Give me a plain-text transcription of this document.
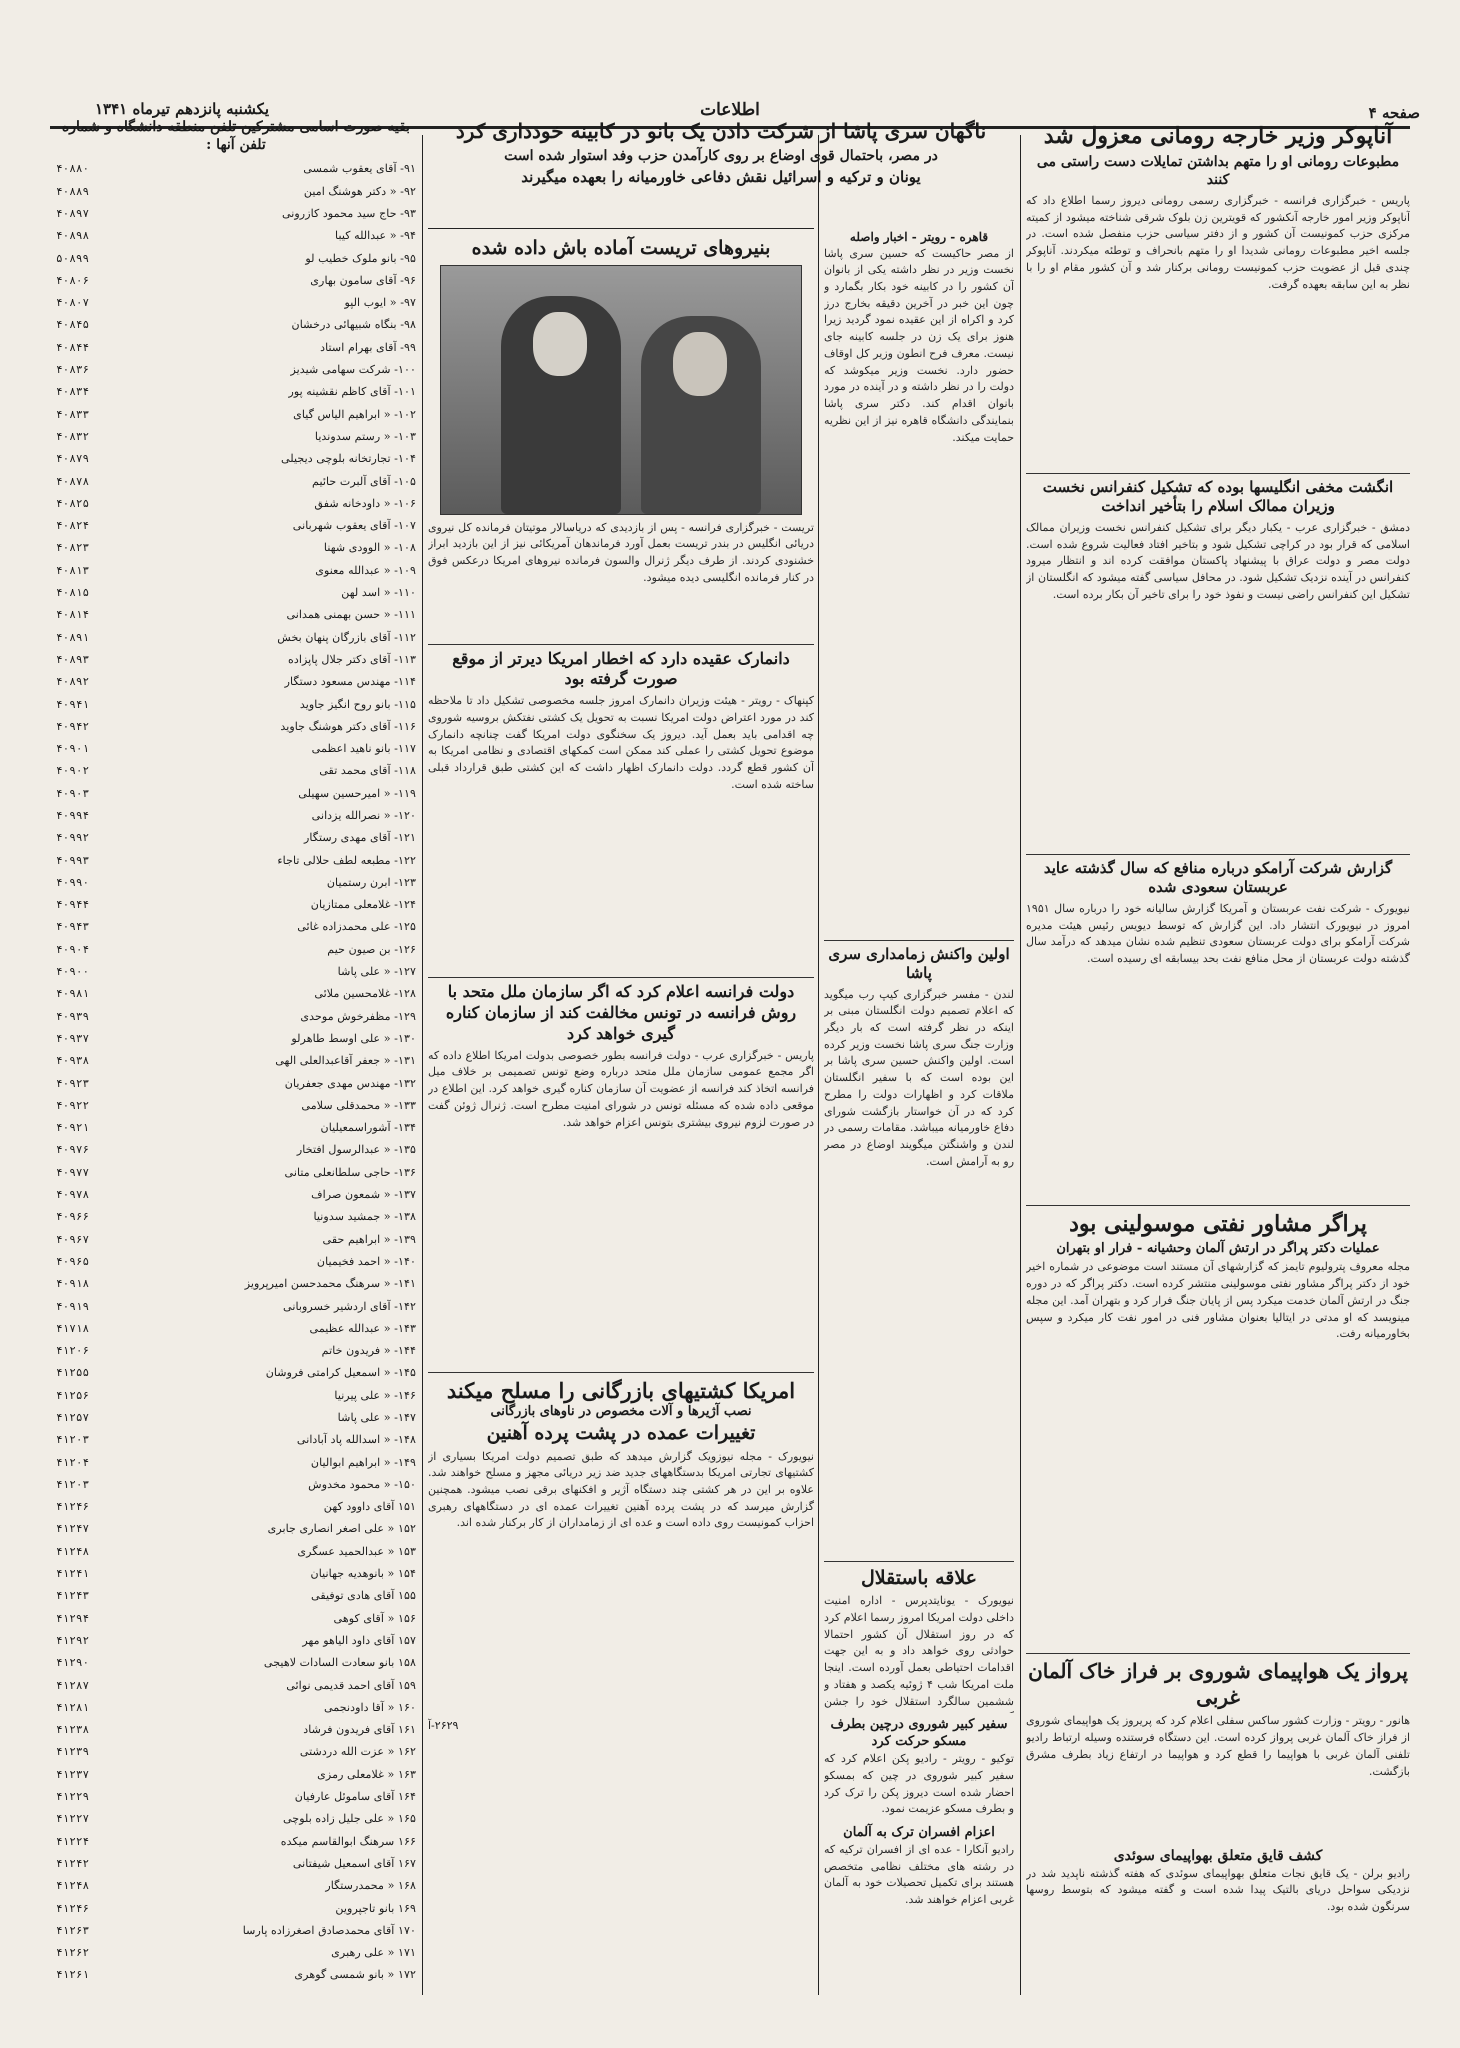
صفحه ۴
اطلاعات
یکشنبه پانزدهم تیرماه ۱۳۴۱
آناپوکر وزیر خارجه رومانی معزول شد
مطبوعات رومانی او را متهم بداشتن تمایلات دست راستی می کنند
پاریس - خبرگزاری فرانسه - خبرگزاری رسمی رومانی دیروز رسما اطلاع داد که آناپوکر وزیر امور خارجه آنکشور که قویترین زن بلوک شرقی شناخته میشود از کمیته مرکزی حزب کمونیست آن کشور و از دفتر سیاسی حزب منفصل شده است. در جلسه اخیر مطبوعات رومانی شدیدا او را متهم بانحراف و توطئه میکردند. آناپوکر چندی قبل از عضویت حزب کمونیست رومانی برکنار شد و آن کشور مقام او را با نظر به این سابقه بعهده گرفت.
انگشت مخفی انگلیسها بوده که تشکیل کنفرانس نخست وزیران ممالک اسلام را بتأخیر انداخت
دمشق - خبرگزاری عرب - یکبار دیگر برای تشکیل کنفرانس نخست وزیران ممالک اسلامی که قرار بود در کراچی تشکیل شود و بتاخیر افتاد فعالیت شروع شده است. دولت مصر و دولت عراق با پیشنهاد پاکستان موافقت کرده اند و انتظار میرود کنفرانس در آینده نزدیک تشکیل شود. در محافل سیاسی گفته میشود که انگلستان از تشکیل این کنفرانس راضی نیست و نفوذ خود را برای تاخیر آن بکار برده است.
گزارش شرکت آرامکو درباره منافع که سال گذشته عاید عربستان سعودی شده
نیویورک - شرکت نفت عربستان و آمریکا گزارش سالیانه خود را درباره سال ۱۹۵۱ امروز در نیویورک انتشار داد. این گزارش که توسط دیویس رئیس هیئت مدیره شرکت آرامکو برای دولت عربستان سعودی تنظیم شده نشان میدهد که درآمد سال گذشته دولت عربستان از محل منافع نفت بحد بیسابقه ای رسیده است.
پراگر مشاور نفتی موسولینی بود
عملیات دکتر پراگر در ارتش آلمان وحشیانه - فرار او بتهران
مجله معروف پترولیوم تایمز که گزارشهای آن مستند است موضوعی در شماره اخیر خود از دکتر پراگر مشاور نفتی موسولینی منتشر کرده است. دکتر پراگر که در دوره جنگ در ارتش آلمان خدمت میکرد پس از پایان جنگ فرار کرد و بتهران آمد. این مجله مینویسد که او مدتی در ایتالیا بعنوان مشاور فنی در امور نفت کار میکرد و سپس بخاورمیانه رفت.
پرواز یک هواپیمای شوروی بر فراز خاک آلمان غربی
هانور - رویتر - وزارت کشور ساکس سفلی اعلام کرد که پریروز یک هواپیمای شوروی از فراز خاک آلمان غربی پرواز کرده است. این دستگاه فرستنده وسیله ارتباط رادیو تلفنی آلمان غربی با هواپیما را قطع کرد و هواپیما در ارتفاع زیاد بطرف مشرق بازگشت.
کشف قایق متعلق بهواپیمای سوئدی
رادیو برلن - یک قایق نجات متعلق بهواپیمای سوئدی که هفته گذشته ناپدید شد در نزدیکی سواحل دریای بالتیک پیدا شده است و گفته میشود که بتوسط روسها سرنگون شده بود.
ناگهان سری پاشا از شرکت دادن یک بانو در کابینه خودداری کرد
در مصر، باحتمال قوی اوضاع بر روی کارآمدن حزب وفد استوار شده است
یونان و ترکیه و اسرائیل نقش دفاعی خاورمیانه را بعهده میگیرند
قاهره - رویتر - اخبار واصله
از مصر حاکیست که حسین سری پاشا نخست وزیر در نظر داشته یکی از بانوان آن کشور را در کابینه خود بکار بگمارد و چون این خبر در آخرین دقیقه بخارج درز کرد و اکراه از این عقیده نمود گردید زیرا هنوز برای یک زن در جلسه کابینه جای نیست. معرف فرح انطون وزیر کل اوقاف حضور دارد. نخست وزیر میکوشد که دولت را در نظر داشته و در آینده در مورد بانوان اقدام کند. دکتر سری پاشا بنمایندگی دانشگاه قاهره نیز از این نظریه حمایت میکند.
اولین واکنش زمامداری سری پاشا
لندن - مفسر خبرگزاری کیپ رب میگوید که اعلام تصمیم دولت انگلستان مبنی بر اینکه در نظر گرفته است که بار دیگر وزارت جنگ سری پاشا نخست وزیر کرده است. اولین واکنش حسین سری پاشا بر این بوده است که با سفیر انگلستان ملاقات کرد و اظهارات دولت را مطرح کرد که در آن خواستار بازگشت شورای دفاع خاورمیانه میباشد. مقامات رسمی در لندن و واشنگتن میگویند اوضاع در مصر رو به آرامش است.
علاقه باستقلال
نیویورک - یونایتدپرس - اداره امنیت داخلی دولت امریکا امروز رسما اعلام کرد که در روز استقلال آن کشور احتمالا حوادثی روی خواهد داد و به این جهت اقدامات احتیاطی بعمل آورده است. اینجا ملت امریکا شب ۴ ژوئیه یکصد و هفتاد و ششمین سالگرد استقلال خود را جشن
سفیر کبیر شوروی درچین بطرف مسکو حرکت کرد
توکیو - رویتر - رادیو پکن اعلام کرد که سفیر کبیر شوروی در چین که بمسکو احضار شده است دیروز پکن را ترک کرد و بطرف مسکو عزیمت نمود.
اعزام افسران ترک به آلمان
رادیو آنکارا - عده ای از افسران ترکیه که در رشته های مختلف نظامی متخصص هستند برای تکمیل تحصیلات خود به آلمان غربی اعزام خواهند شد.
بنیروهای تریست آماده باش داده شده
تریست - خبرگزاری فرانسه - پس از بازدیدی که دریاسالار موتیتان فرمانده کل نیروی دریائی انگلیس در بندر تریست بعمل آورد فرماندهان آمریکائی نیز از این بازدید ابراز خشنودی کردند. از طرف دیگر ژنرال والسون فرمانده نیروهای امریکا درعکس فوق در کنار فرمانده انگلیسی دیده میشود.
دانمارک عقیده دارد که اخطار امریکا دیرتر از موقع صورت گرفته بود
کپنهاک - رویتر - هیئت وزیران دانمارک امروز جلسه مخصوصی تشکیل داد تا ملاحظه کند در مورد اعتراض دولت امریکا نسبت به تحویل یک کشتی نفتکش بروسیه شوروی چه اقدامی باید بعمل آید. دیروز یک سخنگوی دولت امریکا گفت چنانچه دانمارک موضوع تحویل کشتی را عملی کند ممکن است کمکهای اقتصادی و نظامی امریکا به آن کشور قطع گردد. دولت دانمارک اظهار داشت که این کشتی طبق قرارداد قبلی ساخته شده است.
دولت فرانسه اعلام کرد که اگر سازمان ملل متحد با روش فرانسه در تونس مخالفت کند از سازمان کناره گیری خواهد کرد
پاریس - خبرگزاری عرب - دولت فرانسه بطور خصوصی بدولت امریکا اطلاع داده که اگر مجمع عمومی سازمان ملل متحد درباره وضع تونس تصمیمی بر خلاف میل فرانسه اتخاذ کند فرانسه از عضویت آن سازمان کناره گیری خواهد کرد. این اطلاع در موقعی داده شده که مسئله تونس در شورای امنیت مطرح است. ژنرال ژوئن گفت در صورت لزوم نیروی بیشتری بتونس اعزام خواهد شد.
امریکا کشتیهای بازرگانی را مسلح میکند
نصب آژیرها و آلات مخصوص در ناوهای بازرگانی
تغییرات عمده در پشت پرده آهنین
نیویورک - مجله نیوزویک گزارش میدهد که طبق تصمیم دولت امریکا بسیاری از کشتیهای تجارتی امریکا بدستگاههای جدید ضد زیر دریائی مجهز و مسلح خواهند شد. علاوه بر این در هر کشتی چند دستگاه آژیر و افکنهای برقی نصب میشود. همچنین گزارش میرسد که در پشت پرده آهنین تغییرات عمده ای در دستگاههای رهبری احزاب کمونیست روی داده است و عده ای از زمامداران از کار برکنار شده اند.
۲۶۲۹-آ
بقیه صورت اسامی مشترکین تلفن منطقه دانشگاه و شماره تلفن آنها :
۹۱- آقای یعقوب شمسی
۴۰۸۸۰
۹۲- « دکتر هوشنگ امین
۴۰۸۸۹
۹۳- حاج سید محمود کازرونی
۴۰۸۹۷
۹۴- « عبدالله کیبا
۴۰۸۹۸
۹۵- بانو ملوک خطیب لو
۵۰۸۹۹
۹۶- آقای سامون بهاری
۴۰۸۰۶
۹۷- « ایوب الپو
۴۰۸۰۷
۹۸- بنگاه شبیهائی درخشان
۴۰۸۴۵
۹۹- آقای بهرام استاد
۴۰۸۴۴
۱۰۰- شرکت سهامی شیدیز
۴۰۸۳۶
۱۰۱- آقای کاظم نقشینه پور
۴۰۸۳۴
۱۰۲- « ابراهیم الیاس گیای
۴۰۸۳۳
۱۰۳- « رستم سدوندیا
۴۰۸۳۲
۱۰۴- تجارتخانه بلوچی دیجیلی
۴۰۸۷۹
۱۰۵- آقای آلبرت حائیم
۴۰۸۷۸
۱۰۶- « داودخانه شفق
۴۰۸۲۵
۱۰۷- آقای یعقوب شهربانی
۴۰۸۲۴
۱۰۸- « الوودی شهنا
۴۰۸۲۳
۱۰۹- « عبدالله معنوی
۴۰۸۱۳
۱۱۰- « اسد لهن
۴۰۸۱۵
۱۱۱- « حسن بهمنی همدانی
۴۰۸۱۴
۱۱۲- آقای بازرگان پنهان بخش
۴۰۸۹۱
۱۱۳- آقای دکتر جلال پاپزاده
۴۰۸۹۳
۱۱۴- مهندس مسعود دستگار
۴۰۸۹۲
۱۱۵- بانو روح انگیز جاوید
۴۰۹۴۱
۱۱۶- آقای دکتر هوشنگ جاوید
۴۰۹۴۲
۱۱۷- بانو ناهید اعظمی
۴۰۹۰۱
۱۱۸- آقای محمد تقی
۴۰۹۰۲
۱۱۹- « امیرحسین سهیلی
۴۰۹۰۳
۱۲۰- « نصرالله یزدانی
۴۰۹۹۴
۱۲۱- آقای مهدی رستگار
۴۰۹۹۲
۱۲۲- مطبعه لطف حلالی تاجاء
۴۰۹۹۳
۱۲۳- ابرن رستمیان
۴۰۹۹۰
۱۲۴- غلامعلی ممتازیان
۴۰۹۴۴
۱۲۵- علی محمدزاده غائی
۴۰۹۴۳
۱۲۶- بن صیون حیم
۴۰۹۰۴
۱۲۷- « علی پاشا
۴۰۹۰۰
۱۲۸- غلامحسین ملائی
۴۰۹۸۱
۱۲۹- مظفرخوش موحدی
۴۰۹۳۹
۱۳۰- « علی اوسط طاهرلو
۴۰۹۳۷
۱۳۱- « جعفر آقاعبدالعلی الهی
۴۰۹۳۸
۱۳۲- مهندس مهدی جعفریان
۴۰۹۲۳
۱۳۳- « محمدقلی سلامی
۴۰۹۲۲
۱۳۴- آشوراسمعیلیان
۴۰۹۲۱
۱۳۵- « عبدالرسول افتخار
۴۰۹۷۶
۱۳۶- حاجی سلطانعلی متانی
۴۰۹۷۷
۱۳۷- « شمعون صراف
۴۰۹۷۸
۱۳۸- « جمشید سدونیا
۴۰۹۶۶
۱۳۹- « ابراهیم حقی
۴۰۹۶۷
۱۴۰- « احمد فخیمیان
۴۰۹۶۵
۱۴۱- « سرهنگ محمدحسن امیرپرویز
۴۰۹۱۸
۱۴۲- آقای اردشیر خسروبانی
۴۰۹۱۹
۱۴۳- « عبدالله عظیمی
۴۱۷۱۸
۱۴۴- « فریدون خاتم
۴۱۲۰۶
۱۴۵- « اسمعیل کرامتی فروشان
۴۱۲۵۵
۱۴۶- « علی پیرنیا
۴۱۲۵۶
۱۴۷- « علی پاشا
۴۱۲۵۷
۱۴۸- « اسدالله پاد آبادانی
۴۱۲۰۳
۱۴۹- « ابراهیم ابوالیان
۴۱۲۰۴
۱۵۰- « محمود مخدوش
۴۱۲۰۳
۱۵۱ آقای داوود کهن
۴۱۲۴۶
۱۵۲ « علی اصغر انصاری جابری
۴۱۲۴۷
۱۵۳ « عبدالحمید عسگری
۴۱۲۴۸
۱۵۴ « بانوهدیه جهانیان
۴۱۲۴۱
۱۵۵ آقای هادی توفیقی
۴۱۲۴۳
۱۵۶ « آقای کوهی
۴۱۲۹۴
۱۵۷ آقای داود الیاهو مهر
۴۱۲۹۲
۱۵۸ بانو سعادت السادات لاهیجی
۴۱۲۹۰
۱۵۹ آقای احمد قدیمی نوائی
۴۱۲۸۷
۱۶۰ « آقا داودنجمی
۴۱۲۸۱
۱۶۱ آقای فریدون فرشاد
۴۱۲۳۸
۱۶۲ « عزت الله دردشتی
۴۱۲۳۹
۱۶۳ « غلامعلی رمزی
۴۱۲۳۷
۱۶۴ آقای ساموئل عارفیان
۴۱۲۲۹
۱۶۵ « علی جلیل زاده بلوچی
۴۱۲۲۷
۱۶۶ سرهنگ ابوالقاسم میکده
۴۱۲۲۴
۱۶۷ آقای اسمعیل شیفتانی
۴۱۲۴۲
۱۶۸ « محمدرستگار
۴۱۲۴۸
۱۶۹ بانو تاجپروین
۴۱۲۴۶
۱۷۰ آقای محمدصادق اصغرزاده پارسا
۴۱۲۶۳
۱۷۱ « علی رهبری
۴۱۲۶۲
۱۷۲ « بانو شمسی گوهری
۴۱۲۶۱
